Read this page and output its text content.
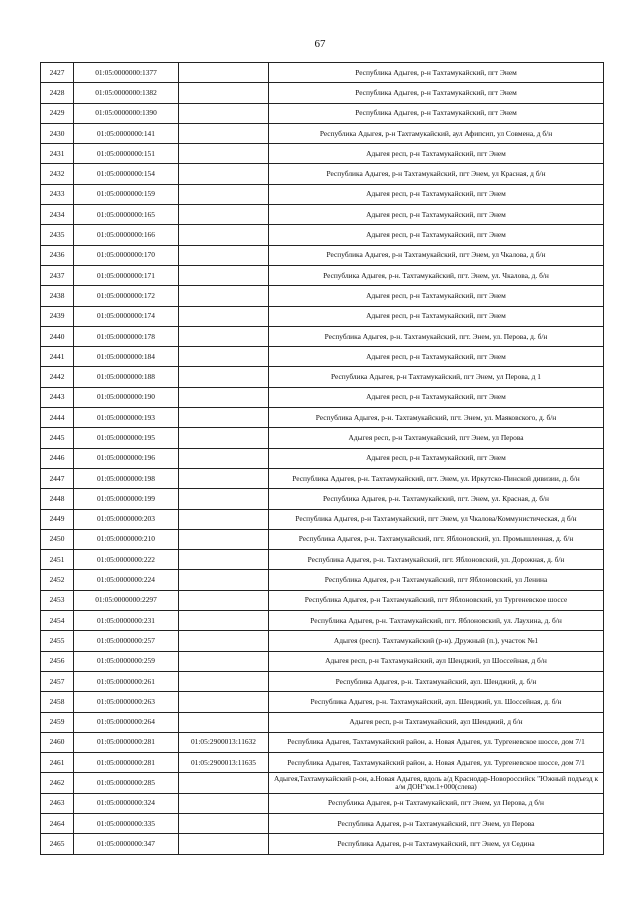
67
2427	01:05:0000000:1377		Республика Адыгея, р-н Тахтамукайский, пгт Энем
2428	01:05:0000000:1382		Республика Адыгея, р-н Тахтамукайский, пгт Энем
2429	01:05:0000000:1390		Республика Адыгея, р-н Тахтамукайский, пгт Энем
2430	01:05:0000000:141		Республика Адыгея, р-н Тахтамукайский, аул Афипсип, ул Совмена, д б/н
2431	01:05:0000000:151		Адыгея респ, р-н Тахтамукайский, пгт Энем
2432	01:05:0000000:154		Республика Адыгея, р-н Тахтамукайский, пгт Энем, ул Красная, д б/н
2433	01:05:0000000:159		Адыгея респ, р-н Тахтамукайский, пгт Энем
2434	01:05:0000000:165		Адыгея респ, р-н Тахтамукайский, пгт Энем
2435	01:05:0000000:166		Адыгея респ, р-н Тахтамукайский, пгт Энем
2436	01:05:0000000:170		Республика Адыгея, р-н Тахтамукайский, пгт Энем, ул Чкалова, д б/н
2437	01:05:0000000:171		Республика Адыгея, р-н. Тахтамукайский, пгт. Энем, ул. Чкалова, д. б/н
2438	01:05:0000000:172		Адыгея респ, р-н Тахтамукайский, пгт Энем
2439	01:05:0000000:174		Адыгея респ, р-н Тахтамукайский, пгт Энем
2440	01:05:0000000:178		Республика Адыгея, р-н. Тахтамукайский, пгт. Энем, ул. Перова, д. б/н
2441	01:05:0000000:184		Адыгея респ, р-н Тахтамукайский, пгт Энем
2442	01:05:0000000:188		Республика Адыгея, р-н Тахтамукайский, пгт Энем, ул Перова, д 1
2443	01:05:0000000:190		Адыгея респ, р-н Тахтамукайский, пгт Энем
2444	01:05:0000000:193		Республика Адыгея, р-н. Тахтамукайский, пгт. Энем, ул. Маяковского, д. б/н
2445	01:05:0000000:195		Адыгея респ, р-н Тахтамукайский, пгт Энем, ул Перова
2446	01:05:0000000:196		Адыгея респ, р-н Тахтамукайский, пгт Энем
2447	01:05:0000000:198		Республика Адыгея, р-н. Тахтамукайский, пгт. Энем, ул. Иркутско-Пинской дивизии, д. б/н
2448	01:05:0000000:199		Республика Адыгея, р-н. Тахтамукайский, пгт. Энем, ул. Красная, д. б/н
2449	01:05:0000000:203		Республика Адыгея, р-н Тахтамукайский, пгт Энем, ул Чкалова/Коммунистическая, д б/н
2450	01:05:0000000:210		Республика Адыгея, р-н. Тахтамукайский, пгт. Яблоновский, ул. Промышленная, д. б/н
2451	01:05:0000000:222		Республика Адыгея, р-н. Тахтамукайский, пгт. Яблоновский, ул. Дорожная, д. б/н
2452	01:05:0000000:224		Республика Адыгея, р-н Тахтамукайский, пгт Яблоновский, ул Ленина
2453	01:05:0000000:2297		Республика Адыгея, р-н Тахтамукайский, пгт Яблоновский, ул Тургеневское шоссе
2454	01:05:0000000:231		Республика Адыгея, р-н. Тахтамукайский, пгт. Яблоновский, ул. Лаухина, д. б/н
2455	01:05:0000000:257		Адыгея (респ). Тахтамукайский (р-н). Дружный (п.), участок №1
2456	01:05:0000000:259		Адыгея респ, р-н Тахтамукайский, аул Шенджий, ул Шоссейная, д б/н
2457	01:05:0000000:261		Республика Адыгея, р-н. Тахтамукайский, аул. Шенджий, д. б/н
2458	01:05:0000000:263		Республика Адыгея, р-н. Тахтамукайский, аул. Шенджий, ул. Шоссейная, д. б/н
2459	01:05:0000000:264		Адыгея респ, р-н Тахтамукайский, аул Шенджий, д б/н
2460	01:05:0000000:281	01:05:2900013:11632	Республика Адыгея, Тахтамукайский район, а. Новая Адыгея, ул. Тургеневское шоссе, дом 7/1
2461	01:05:0000000:281	01:05:2900013:11635	Республика Адыгея, Тахтамукайский район, а. Новая Адыгея, ул. Тургеневское шоссе, дом 7/1
2462	01:05:0000000:285		Адыгея,Тахтамукайский р-он, а.Новая Адыгея, вдоль а/д Краснодар-Новороссийск "Южный подъезд к а/м ДОН"км.1+000(слева)
2463	01:05:0000000:324		Республика Адыгея, р-н Тахтамукайский, пгт Энем, ул Перова, д б/н
2464	01:05:0000000:335		Республика Адыгея, р-н Тахтамукайский, пгт Энем, ул Перова
2465	01:05:0000000:347		Республика Адыгея, р-н Тахтамукайский, пгт Энем, ул Седина
